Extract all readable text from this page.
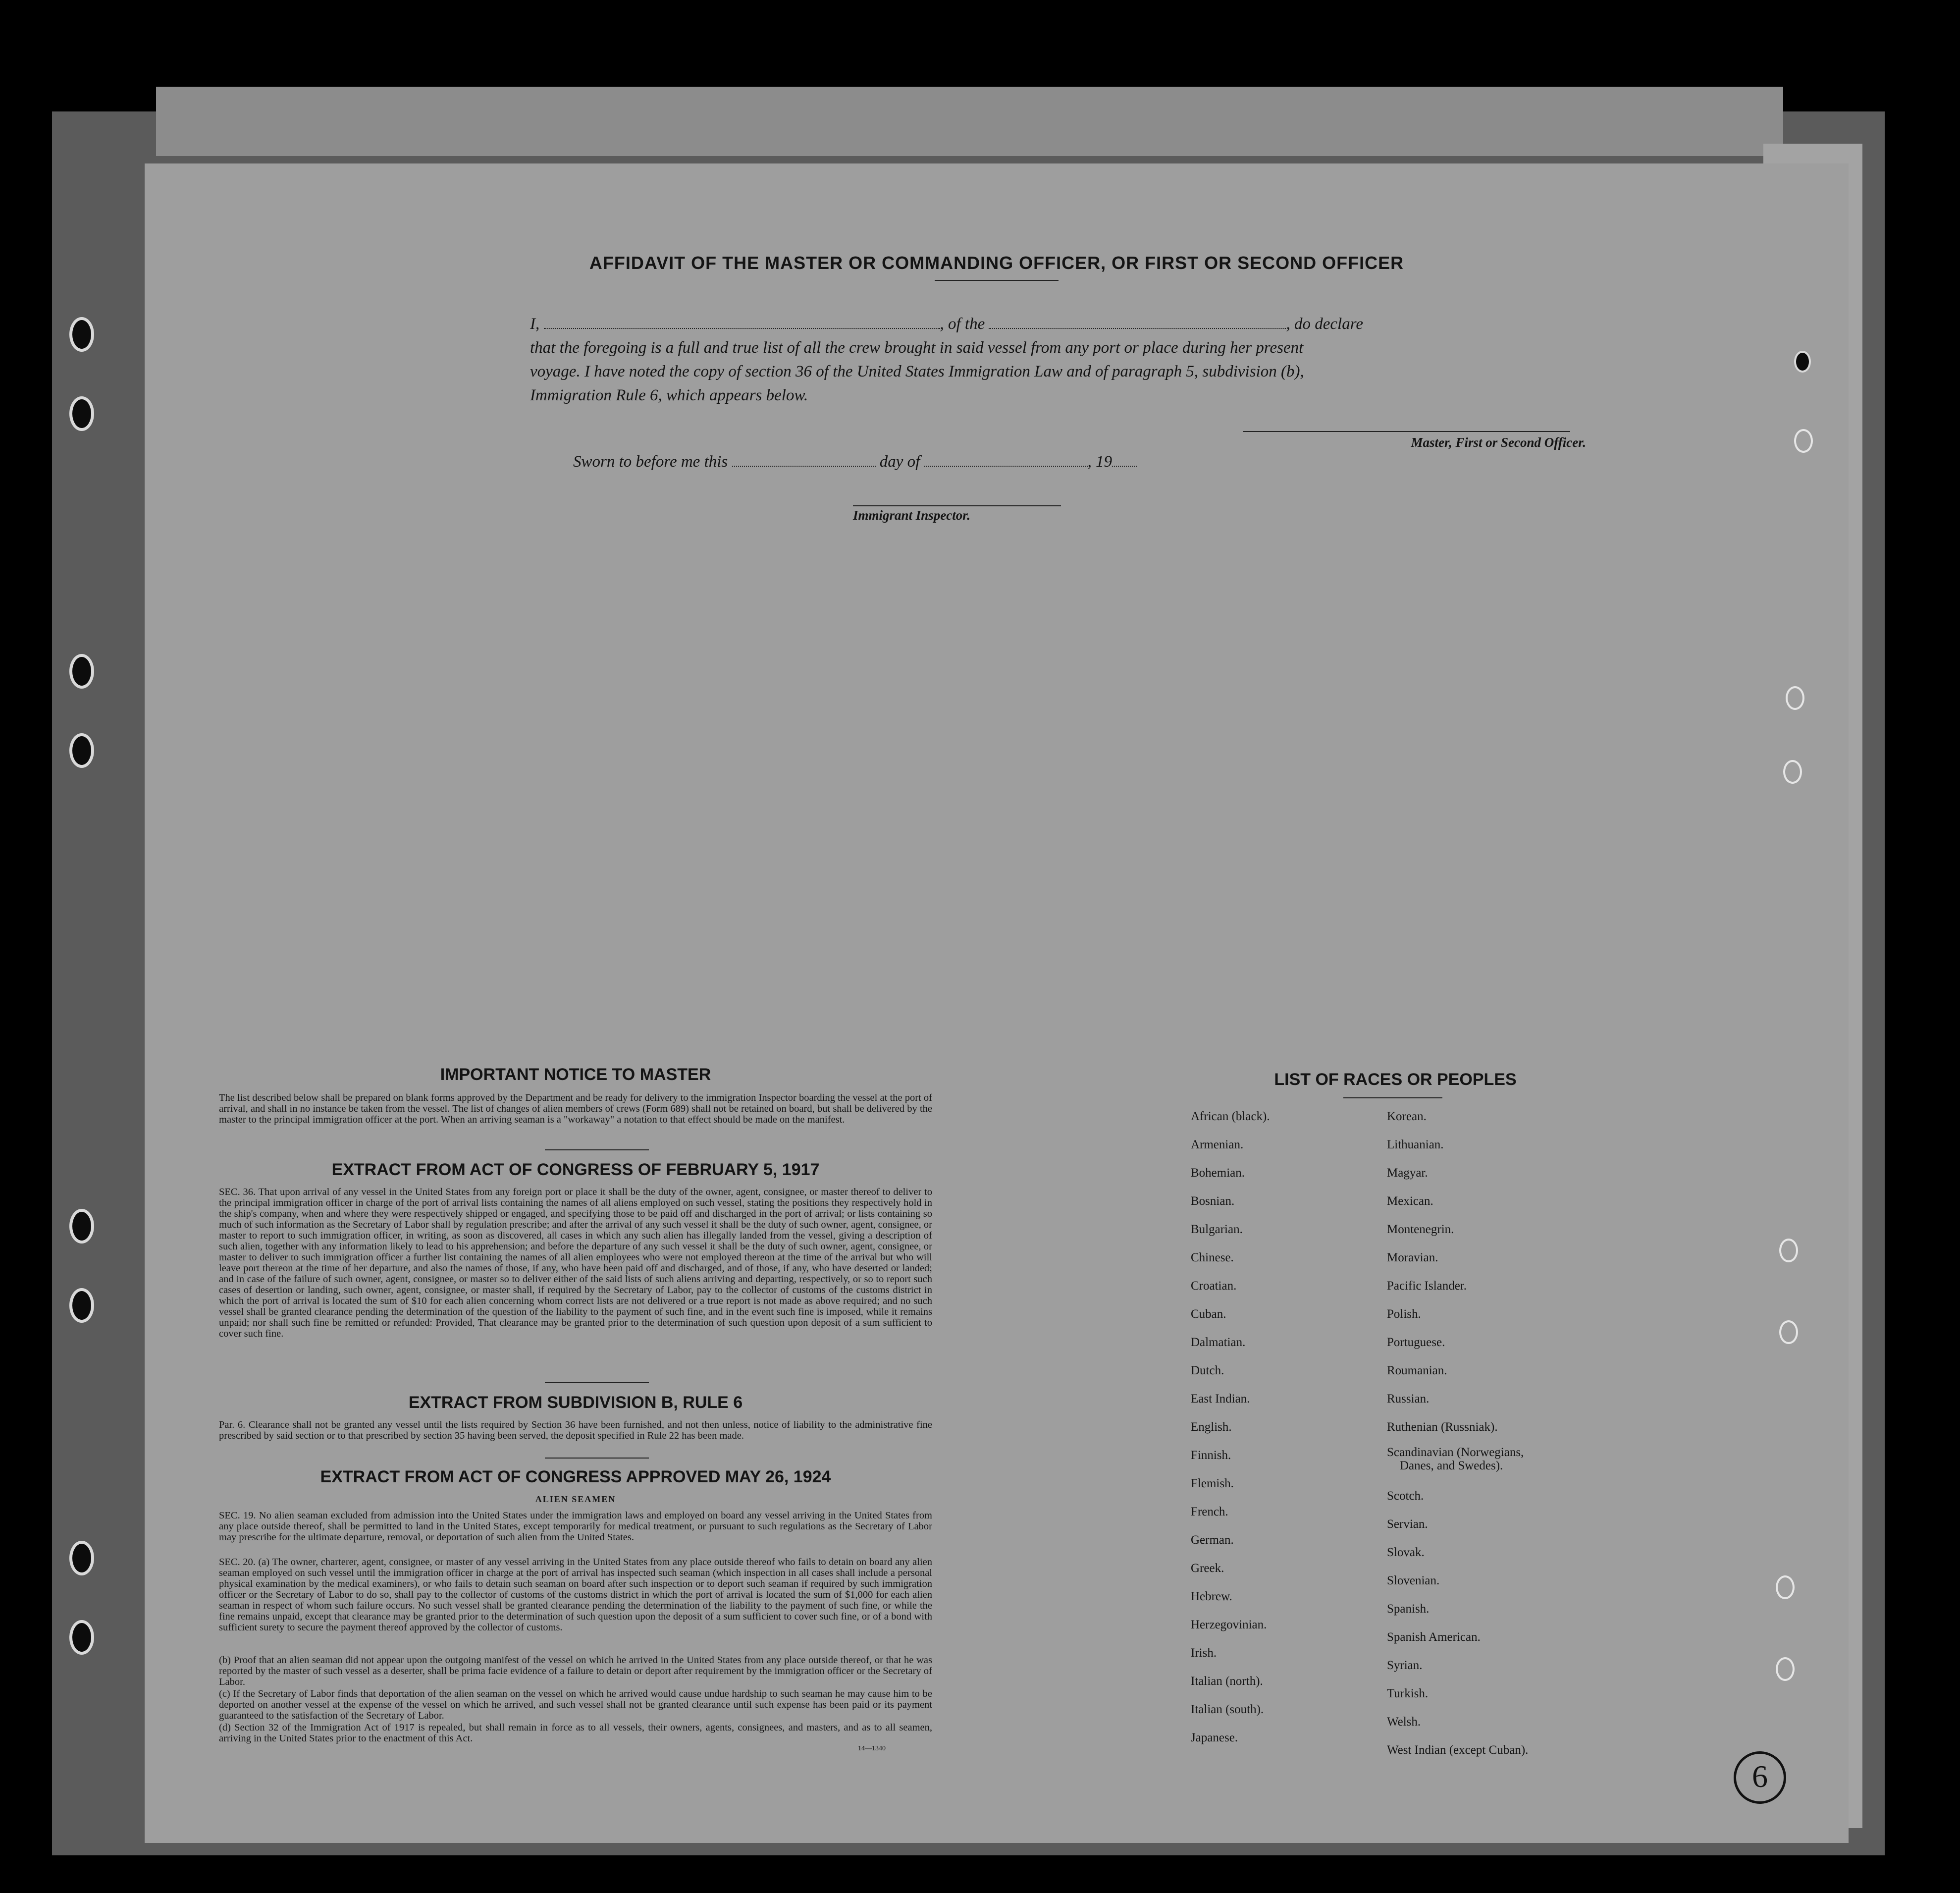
AFFIDAVIT OF THE MASTER OR COMMANDING OFFICER, OR FIRST OR SECOND OFFICER
I,	, of the	, do declare
that the foregoing is a full and true list of all the crew brought in said vessel from any port or place during her present
voyage. I have noted the copy of section 36 of the United States Immigration Law and of paragraph 5, subdivision (b),
Immigration Rule 6, which appears below.
Master, First or Second Officer.
Sworn to before me this	day of	, 19
Immigrant Inspector.
IMPORTANT NOTICE TO MASTER
The list described below shall be prepared on blank forms approved by the Department and be ready for delivery to the immigration Inspector boarding the vessel at the port of arrival, and shall in no instance be taken from the vessel. The list of changes of alien members of crews (Form 689) shall not be retained on board, but shall be delivered by the master to the principal immigration officer at the port. When an arriving seaman is a "workaway" a notation to that effect should be made on the manifest.
EXTRACT FROM ACT OF CONGRESS OF FEBRUARY 5, 1917
SEC. 36. That upon arrival of any vessel in the United States from any foreign port or place it shall be the duty of the owner, agent, consignee, or master thereof to deliver to the principal immigration officer in charge of the port of arrival lists containing the names of all aliens employed on such vessel, stating the positions they respectively hold in the ship's company, when and where they were respectively shipped or engaged, and specifying those to be paid off and discharged in the port of arrival; or lists containing so much of such information as the Secretary of Labor shall by regulation prescribe; and after the arrival of any such vessel it shall be the duty of such owner, agent, consignee, or master to report to such immigration officer, in writing, as soon as discovered, all cases in which any such alien has illegally landed from the vessel, giving a description of such alien, together with any information likely to lead to his apprehension; and before the departure of any such vessel it shall be the duty of such owner, agent, consignee, or master to deliver to such immigration officer a further list containing the names of all alien employees who were not employed thereon at the time of the arrival but who will leave port thereon at the time of her departure, and also the names of those, if any, who have been paid off and discharged, and of those, if any, who have deserted or landed; and in case of the failure of such owner, agent, consignee, or master so to deliver either of the said lists of such aliens arriving and departing, respectively, or so to report such cases of desertion or landing, such owner, agent, consignee, or master shall, if required by the Secretary of Labor, pay to the collector of customs of the customs district in which the port of arrival is located the sum of $10 for each alien concerning whom correct lists are not delivered or a true report is not made as above required; and no such vessel shall be granted clearance pending the determination of the question of the liability to the payment of such fine, and in the event such fine is imposed, while it remains unpaid; nor shall such fine be remitted or refunded: Provided, That clearance may be granted prior to the determination of such question upon deposit of a sum sufficient to cover such fine.
EXTRACT FROM SUBDIVISION B, RULE 6
Par. 6. Clearance shall not be granted any vessel until the lists required by Section 36 have been furnished, and not then unless, notice of liability to the administrative fine prescribed by said section or to that prescribed by section 35 having been served, the deposit specified in Rule 22 has been made.
EXTRACT FROM ACT OF CONGRESS APPROVED MAY 26, 1924
ALIEN SEAMEN
SEC. 19. No alien seaman excluded from admission into the United States under the immigration laws and employed on board any vessel arriving in the United States from any place outside thereof, shall be permitted to land in the United States, except temporarily for medical treatment, or pursuant to such regulations as the Secretary of Labor may prescribe for the ultimate departure, removal, or deportation of such alien from the United States.
SEC. 20. (a) The owner, charterer, agent, consignee, or master of any vessel arriving in the United States from any place outside thereof who fails to detain on board any alien seaman employed on such vessel until the immigration officer in charge at the port of arrival has inspected such seaman (which inspection in all cases shall include a personal physical examination by the medical examiners), or who fails to detain such seaman on board after such inspection or to deport such seaman if required by such immigration officer or the Secretary of Labor to do so, shall pay to the collector of customs of the customs district in which the port of arrival is located the sum of $1,000 for each alien seaman in respect of whom such failure occurs. No such vessel shall be granted clearance pending the determination of the liability to the payment of such fine, or while the fine remains unpaid, except that clearance may be granted prior to the determination of such question upon the deposit of a sum sufficient to cover such fine, or of a bond with sufficient surety to secure the payment thereof approved by the collector of customs.
(b) Proof that an alien seaman did not appear upon the outgoing manifest of the vessel on which he arrived in the United States from any place outside thereof, or that he was reported by the master of such vessel as a deserter, shall be prima facie evidence of a failure to detain or deport after requirement by the immigration officer or the Secretary of Labor.
(c) If the Secretary of Labor finds that deportation of the alien seaman on the vessel on which he arrived would cause undue hardship to such seaman he may cause him to be deported on another vessel at the expense of the vessel on which he arrived, and such vessel shall not be granted clearance until such expense has been paid or its payment guaranteed to the satisfaction of the Secretary of Labor.
(d) Section 32 of the Immigration Act of 1917 is repealed, but shall remain in force as to all vessels, their owners, agents, consignees, and masters, and as to all seamen, arriving in the United States prior to the enactment of this Act.
14—1340
LIST OF RACES OR PEOPLES
African (black).
Armenian.
Bohemian.
Bosnian.
Bulgarian.
Chinese.
Croatian.
Cuban.
Dalmatian.
Dutch.
East Indian.
English.
Finnish.
Flemish.
French.
German.
Greek.
Hebrew.
Herzegovinian.
Irish.
Italian (north).
Italian (south).
Japanese.
Korean.
Lithuanian.
Magyar.
Mexican.
Montenegrin.
Moravian.
Pacific Islander.
Polish.
Portuguese.
Roumanian.
Russian.
Ruthenian (Russniak).
Scandinavian (Norwegians,
Danes, and Swedes).
Scotch.
Servian.
Slovak.
Slovenian.
Spanish.
Spanish American.
Syrian.
Turkish.
Welsh.
West Indian (except Cuban).
6
